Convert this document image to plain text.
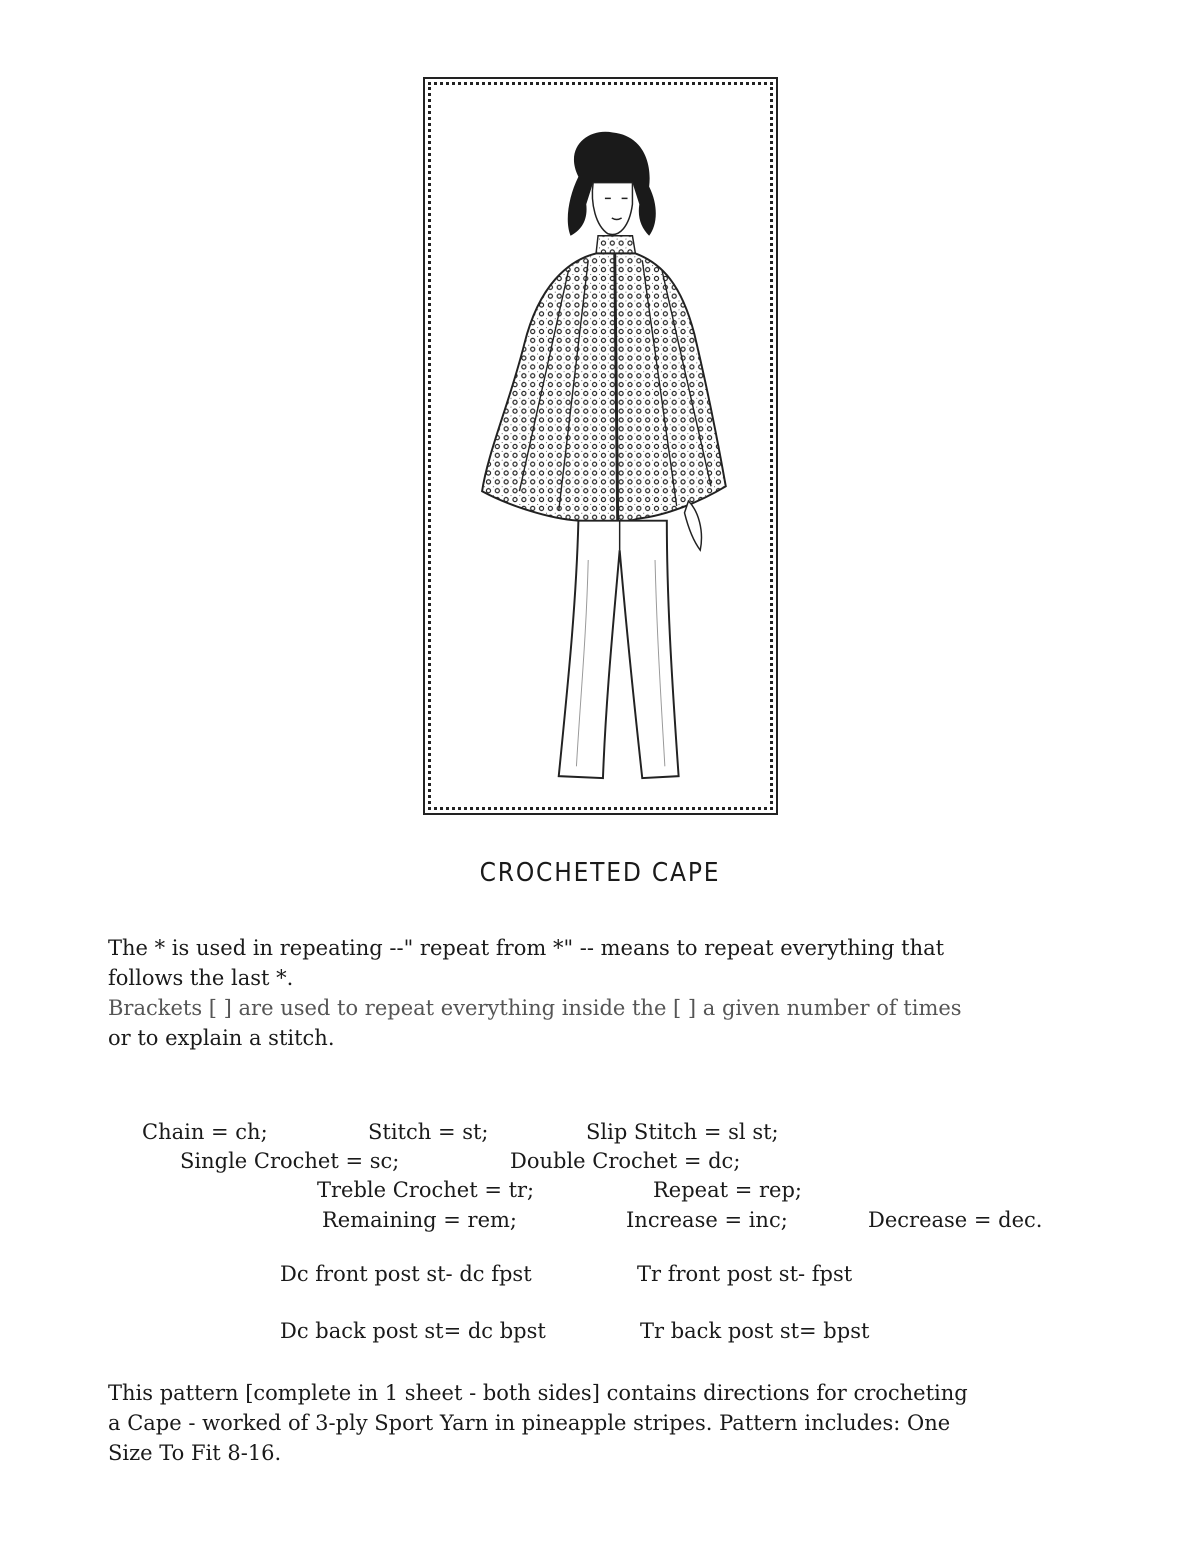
CROCHETED CAPE
The * is used in repeating --" repeat from *" -- means to repeat everything that
follows the last *.
Brackets [ ] are used to repeat everything inside the [ ] a given number of times
or to explain a stitch.
Chain = ch;	Stitch = st;	Slip Stitch = sl st;
Single Crochet = sc;	Double Crochet = dc;
Treble Crochet = tr;	Repeat = rep;
Remaining = rem;	Increase = inc;	Decrease = dec.
Dc front post st- dc fpst	Tr front post st- fpst
Dc back post st= dc bpst	Tr back post st= bpst
This pattern [complete in 1 sheet - both sides] contains directions for crocheting
a Cape - worked of 3-ply Sport Yarn in pineapple stripes. Pattern includes: One
Size To Fit 8-16.
